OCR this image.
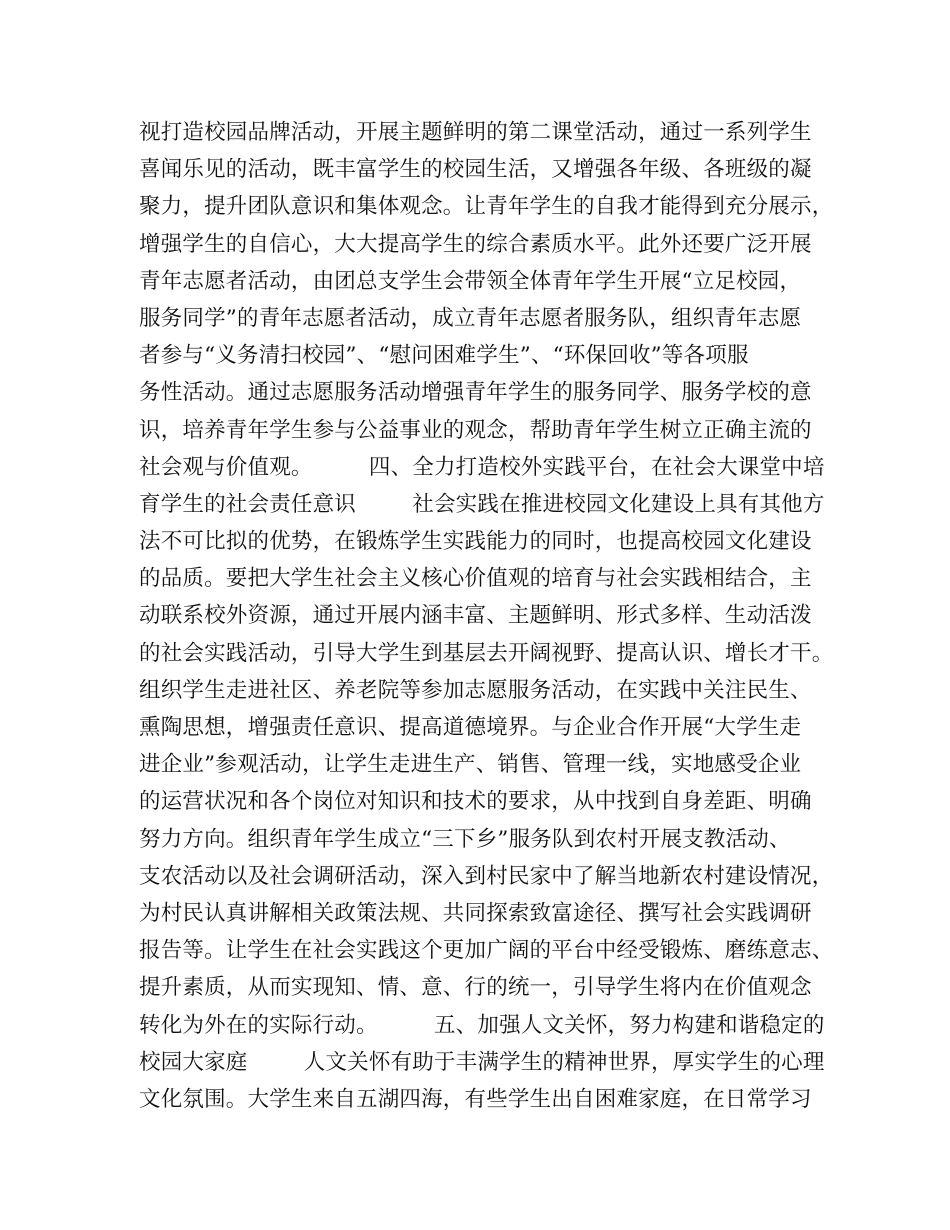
视打造校园品牌活动，开展主题鲜明的第二课堂活动，通过一系列学生
喜闻乐见的活动，既丰富学生的校园生活，又增强各年级、各班级的凝
聚力，提升团队意识和集体观念。让青年学生的自我才能得到充分展示，
增强学生的自信心，大大提高学生的综合素质水平。此外还要广泛开展
青年志愿者活动，由团总支学生会带领全体青年学生开展“立足校园，
服务同学”的青年志愿者活动，成立青年志愿者服务队，组织青年志愿
者参与“义务清扫校园”、“慰问困难学生”、“环保回收”等各项服
务性活动。通过志愿服务活动增强青年学生的服务同学、服务学校的意
识，培养青年学生参与公益事业的观念，帮助青年学生树立正确主流的
社会观与价值观。        四、全力打造校外实践平台，在社会大课堂中培
育学生的社会责任意识        社会实践在推进校园文化建设上具有其他方
法不可比拟的优势，在锻炼学生实践能力的同时，也提高校园文化建设
的品质。要把大学生社会主义核心价值观的培育与社会实践相结合，主
动联系校外资源，通过开展内涵丰富、主题鲜明、形式多样、生动活泼
的社会实践活动，引导大学生到基层去开阔视野、提高认识、增长才干。
组织学生走进社区、养老院等参加志愿服务活动，在实践中关注民生、
熏陶思想，增强责任意识、提高道德境界。与企业合作开展“大学生走
进企业”参观活动，让学生走进生产、销售、管理一线，实地感受企业
的运营状况和各个岗位对知识和技术的要求，从中找到自身差距、明确
努力方向。组织青年学生成立“三下乡”服务队到农村开展支教活动、
支农活动以及社会调研活动，深入到村民家中了解当地新农村建设情况，
为村民认真讲解相关政策法规、共同探索致富途径、撰写社会实践调研
报告等。让学生在社会实践这个更加广阔的平台中经受锻炼、磨练意志、
提升素质，从而实现知、情、意、行的统一，引导学生将内在价值观念
转化为外在的实际行动。        五、加强人文关怀，努力构建和谐稳定的
校园大家庭        人文关怀有助于丰满学生的精神世界，厚实学生的心理
文化氛围。大学生来自五湖四海，有些学生出自困难家庭，在日常学习
